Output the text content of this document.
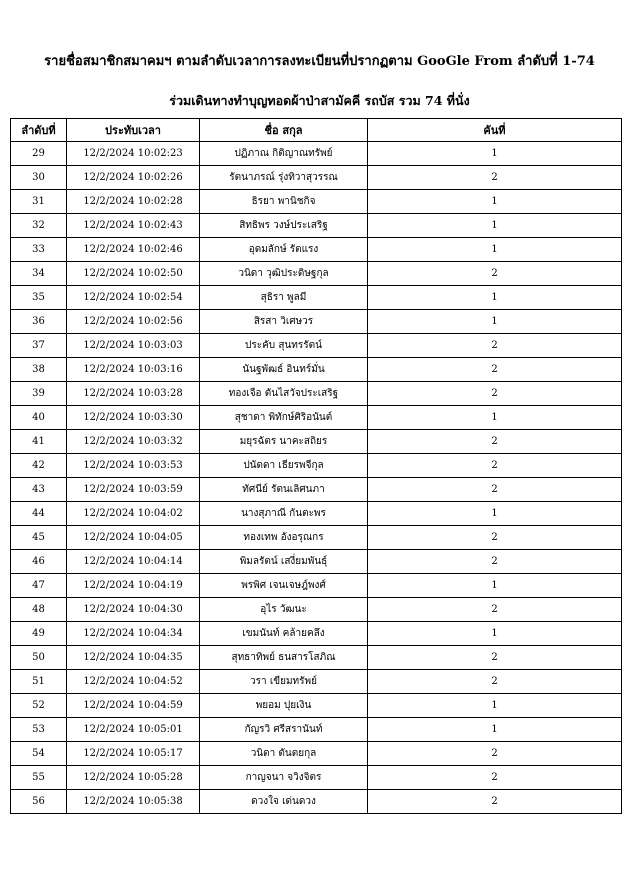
รายชื่อสมาชิกสมาคมฯ ตามลำดับเวลาการลงทะเบียนที่ปรากฏตาม GooGle From ลำดับที่ 1-74
ร่วมเดินทางทำบุญทอดผ้าป่าสามัคคี รถบัส รวม 74 ที่นั่ง
ลำดับที่	ประทับเวลา	ชื่อ สกุล	คันที่
29	12/2/2024 10:02:23	ปฏิภาณ กิติญาณทรัพย์	1
30	12/2/2024 10:02:26	รัตนาภรณ์ รุ่งทิวาสุวรรณ	2
31	12/2/2024 10:02:28	ธิรยา พานิชกิจ	1
32	12/2/2024 10:02:43	สิทธิพร วงษ์ประเสริฐ	1
33	12/2/2024 10:02:46	อุดมลักษ์ รัตแรง	1
34	12/2/2024 10:02:50	วนิดา วุฒิประดิษฐกุล	2
35	12/2/2024 10:02:54	สุธิรา พูลมี	1
36	12/2/2024 10:02:56	สิรสา วิเศษวร	1
37	12/2/2024 10:03:03	ประคับ สุนทรรัตน์	2
38	12/2/2024 10:03:16	นันฐพัฒธ์ อินทร์มั่น	2
39	12/2/2024 10:03:28	ทองเจือ ตันไสวัจประเสริฐ	2
40	12/2/2024 10:03:30	สุชาดา พิทักษ์ศิริอนันต์	1
41	12/2/2024 10:03:32	มยุรฉัตร นาคะสถิยร	2
42	12/2/2024 10:03:53	ปนัดดา เธียรพจีกุล	2
43	12/2/2024 10:03:59	ทัศนีย์ รัตนเลิศนภา	2
44	12/2/2024 10:04:02	นางสุภาณี กันตะพร	1
45	12/2/2024 10:04:05	ทองเทพ อังอรุณกร	2
46	12/2/2024 10:04:14	พิมลรัตน์ เสงี่ยมพันธุ์	2
47	12/2/2024 10:04:19	พรพิศ เจนเจษฎ์พงศ์	1
48	12/2/2024 10:04:30	อุไร วัฒนะ	2
49	12/2/2024 10:04:34	เขมนันท์ คล้ายคลึง	1
50	12/2/2024 10:04:35	สุทธาทิพย์ ธนสารโสภิณ	2
51	12/2/2024 10:04:52	วรา เขียมทรัพย์	2
52	12/2/2024 10:04:59	พยอม ปุยเงิน	1
53	12/2/2024 10:05:01	กัญรวิ ศรีสรานันท์	1
54	12/2/2024 10:05:17	วนิดา ตันตยกุล	2
55	12/2/2024 10:05:28	กาญจนา จวิงจิตร	2
56	12/2/2024 10:05:38	ดวงใจ เด่นดวง	2
